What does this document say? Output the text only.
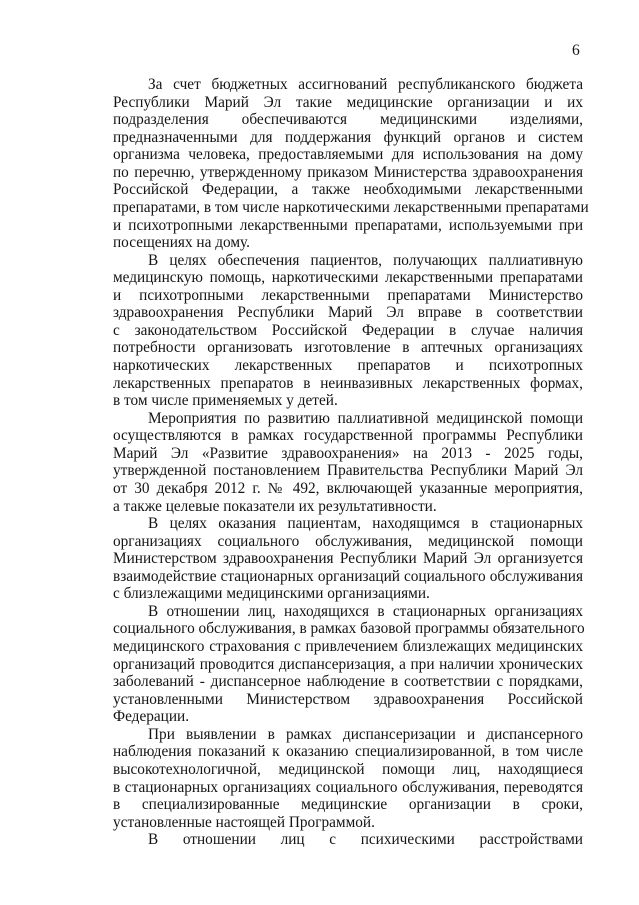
6
За счет бюджетных ассигнований республиканского бюджета
Республики Марий Эл такие медицинские организации и их
подразделения обеспечиваются медицинскими изделиями,
предназначенными для поддержания функций органов и систем
организма человека, предоставляемыми для использования на дому
по перечню, утвержденному приказом Министерства здравоохранения
Российской Федерации, а также необходимыми лекарственными
препаратами, в том числе наркотическими лекарственными препаратами
и психотропными лекарственными препаратами, используемыми при
посещениях на дому.
В целях обеспечения пациентов, получающих паллиативную
медицинскую помощь, наркотическими лекарственными препаратами
и психотропными лекарственными препаратами Министерство
здравоохранения Республики Марий Эл вправе в соответствии
с законодательством Российской Федерации в случае наличия
потребности организовать изготовление в аптечных организациях
наркотических лекарственных препаратов и психотропных
лекарственных препаратов в неинвазивных лекарственных формах,
в том числе применяемых у детей.
Мероприятия по развитию паллиативной медицинской помощи
осуществляются в рамках государственной программы Республики
Марий Эл «Развитие здравоохранения» на 2013 - 2025 годы,
утвержденной постановлением Правительства Республики Марий Эл
от 30 декабря 2012 г. № 492, включающей указанные мероприятия,
а также целевые показатели их результативности.
В целях оказания пациентам, находящимся в стационарных
организациях социального обслуживания, медицинской помощи
Министерством здравоохранения Республики Марий Эл организуется
взаимодействие стационарных организаций социального обслуживания
с близлежащими медицинскими организациями.
В отношении лиц, находящихся в стационарных организациях
социального обслуживания, в рамках базовой программы обязательного
медицинского страхования с привлечением близлежащих медицинских
организаций проводится диспансеризация, а при наличии хронических
заболеваний - диспансерное наблюдение в соответствии с порядками,
установленными Министерством здравоохранения Российской
Федерации.
При выявлении в рамках диспансеризации и диспансерного
наблюдения показаний к оказанию специализированной, в том числе
высокотехнологичной, медицинской помощи лиц, находящиеся
в стационарных организациях социального обслуживания, переводятся
в специализированные медицинские организации в сроки,
установленные настоящей Программой.
В отношении лиц с психическими расстройствами
